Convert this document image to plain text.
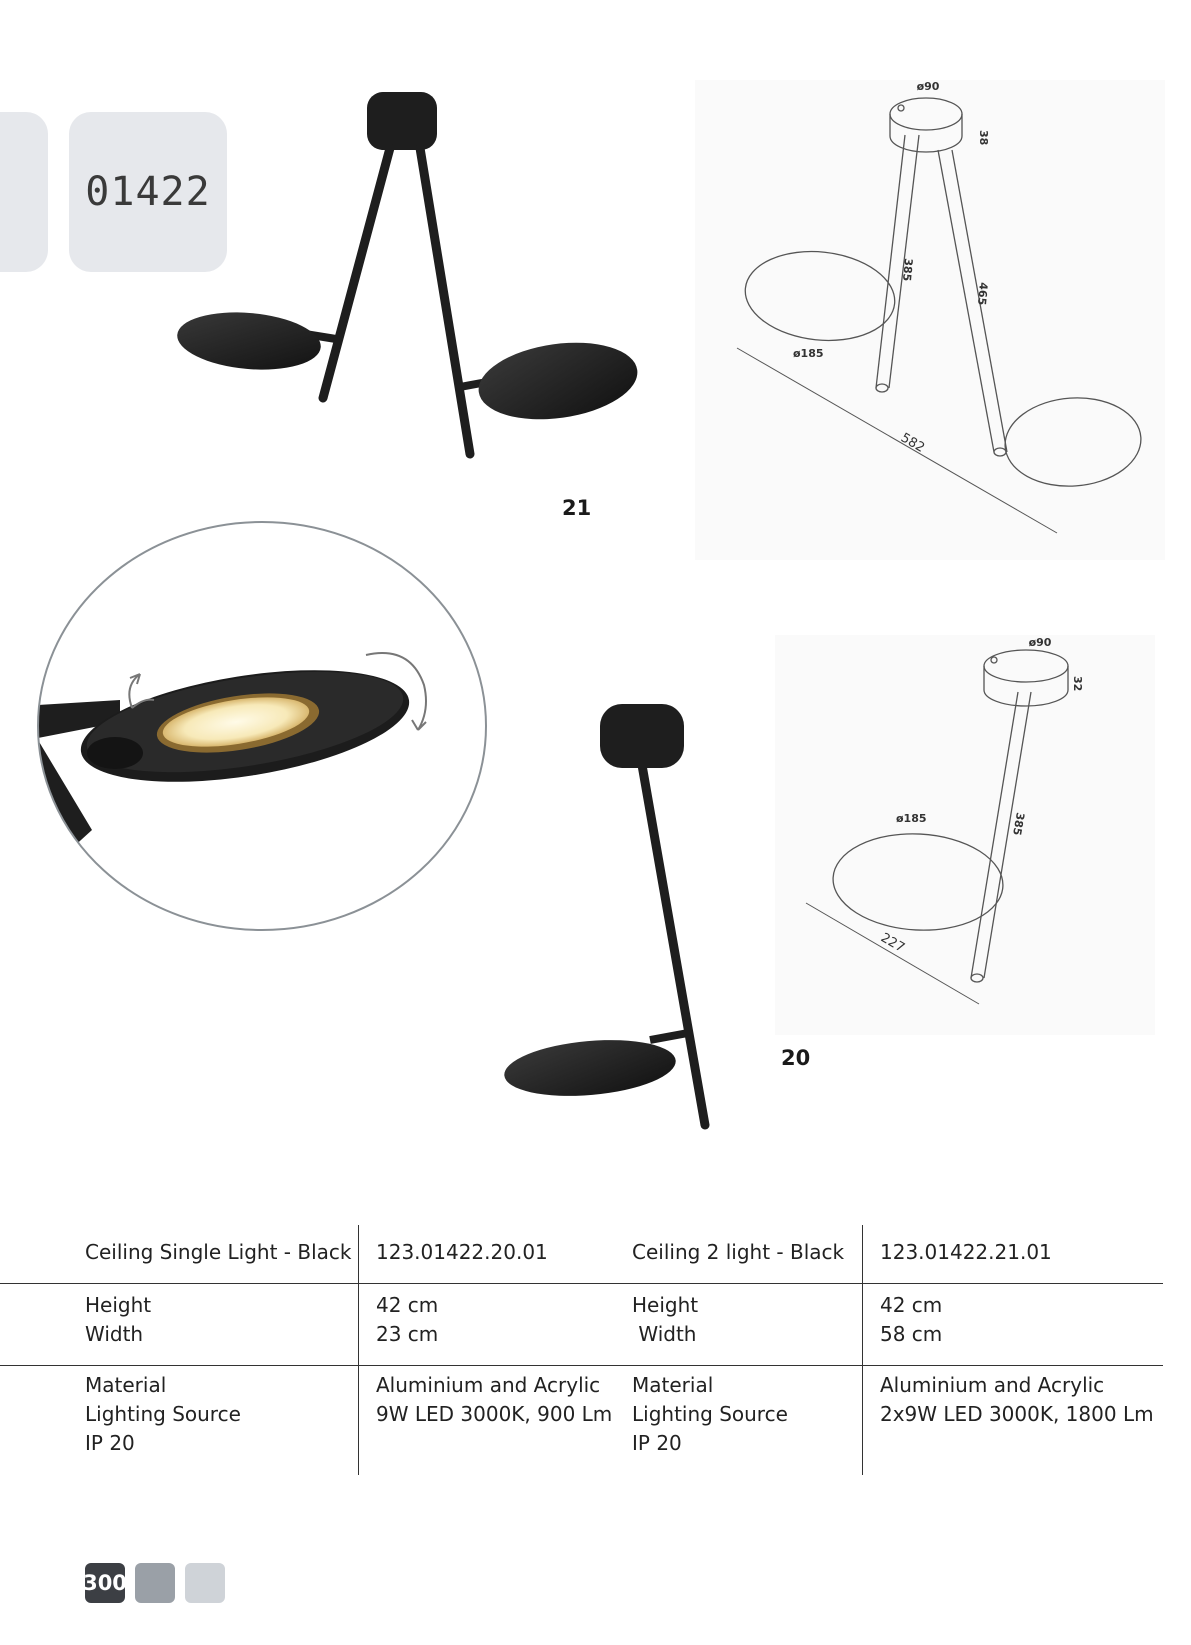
01422
ø90
38
385
465
ø185
582
ø90
32
385
ø185
227
21
20
Ceiling Single Light - Black 123.01422.20.01	Ceiling 2 light - Black 123.01422.21.01
Height
Width
42 cm
23 cm
Height
Width
42 cm
58 cm
Material
Lighting Source
IP 20
Aluminium and Acrylic
9W LED 3000K, 900 Lm
Material
Lighting Source
IP 20
Aluminium and Acrylic
2x9W LED 3000K, 1800 Lm
300
